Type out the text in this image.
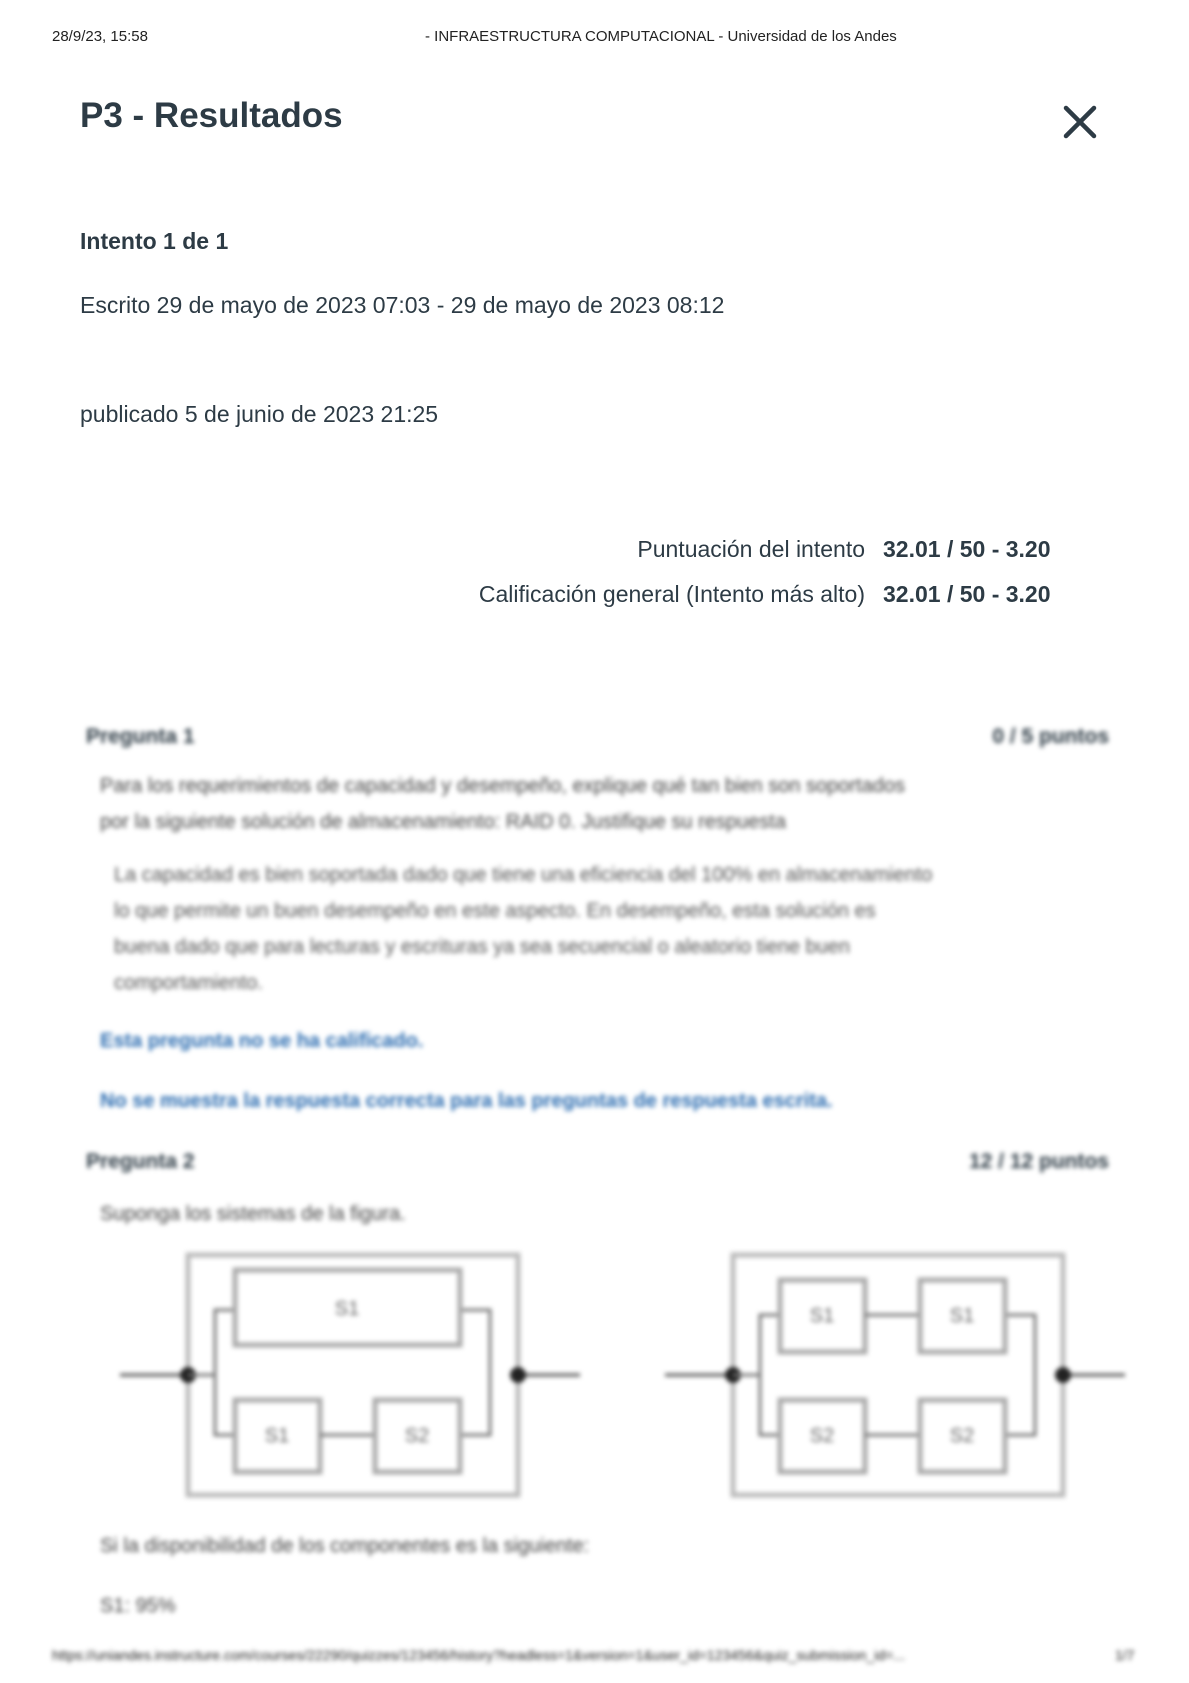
28/9/23, 15:58	- INFRAESTRUCTURA COMPUTACIONAL - Universidad de los Andes
P3 - Resultados
Intento 1 de 1
Escrito 29 de mayo de 2023 07:03 - 29 de mayo de 2023 08:12
publicado 5 de junio de 2023 21:25
Puntuación del intento 32.01 / 50 - 3.20
Calificación general (Intento más alto) 32.01 / 50 - 3.20
Pregunta 1	0 / 5 puntos
Para los requerimientos de capacidad y desempeño, explique qué tan bien son soportados
por la siguiente solución de almacenamiento: RAID 0. Justifique su respuesta
La capacidad es bien soportada dado que tiene una eficiencia del 100% en almacenamiento
lo que permite un buen desempeño en este aspecto. En desempeño, esta solución es
buena dado que para lecturas y escrituras ya sea secuencial o aleatorio tiene buen
comportamiento.
Esta pregunta no se ha calificado.
No se muestra la respuesta correcta para las preguntas de respuesta escrita.
Pregunta 2	12 / 12 puntos
Suponga los sistemas de la figura.
S1
S1	S2
S1	S1
S2	S2
Si la disponibilidad de los componentes es la siguiente:
S1: 95%
https://uniandes.instructure.com/courses/22290/quizzes/123456/history?headless=1&version=1&user_id=123456&quiz_submission_id=...	1/7
